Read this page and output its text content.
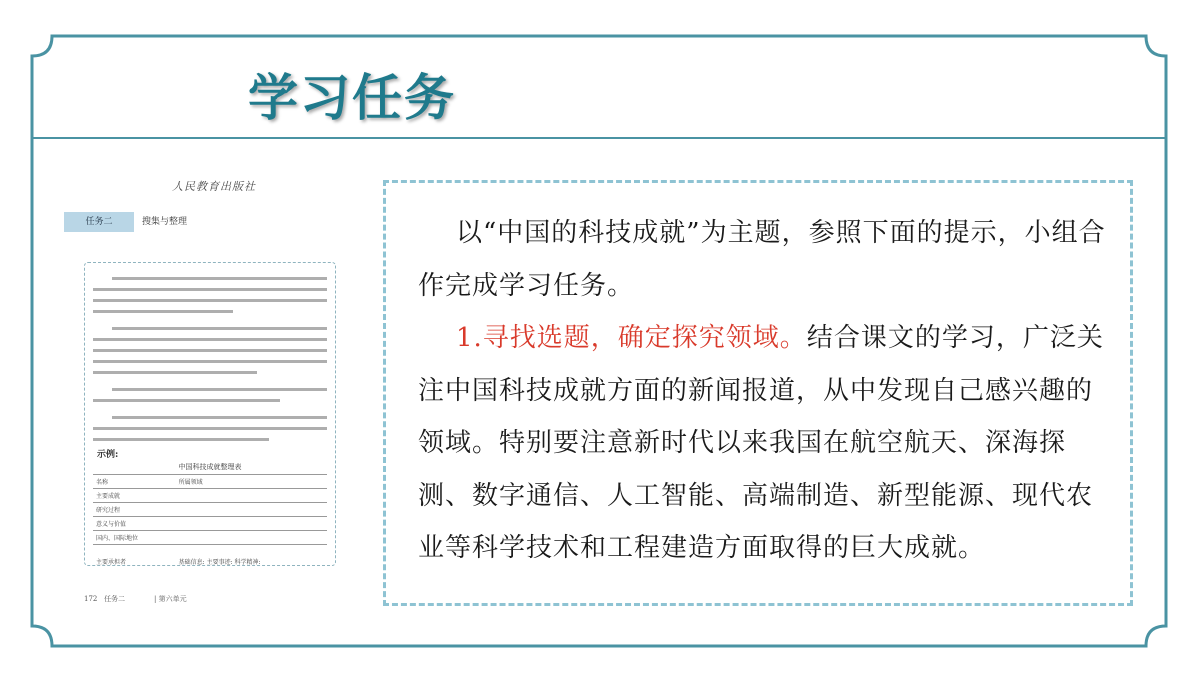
学习任务
人民教育出版社
任务二	搜集与整理
示例:
中国科技成就整理表
名称	所属领域
主要成就	
研究过程	
意义与价值	
国内、国际地位	
主要承担者	基础信息: 主要事迹: 科学精神:
172 任务二             | 第六单元

以“中国的科技成就”为主题，参照下面的提示，小组合作完成学习任务。
1.寻找选题，确定探究领域。结合课文的学习，广泛关注中国科技成就方面的新闻报道，从中发现自己感兴趣的领域。特别要注意新时代以来我国在航空航天、深海探测、数字通信、人工智能、高端制造、新型能源、现代农业等科学技术和工程建造方面取得的巨大成就。
